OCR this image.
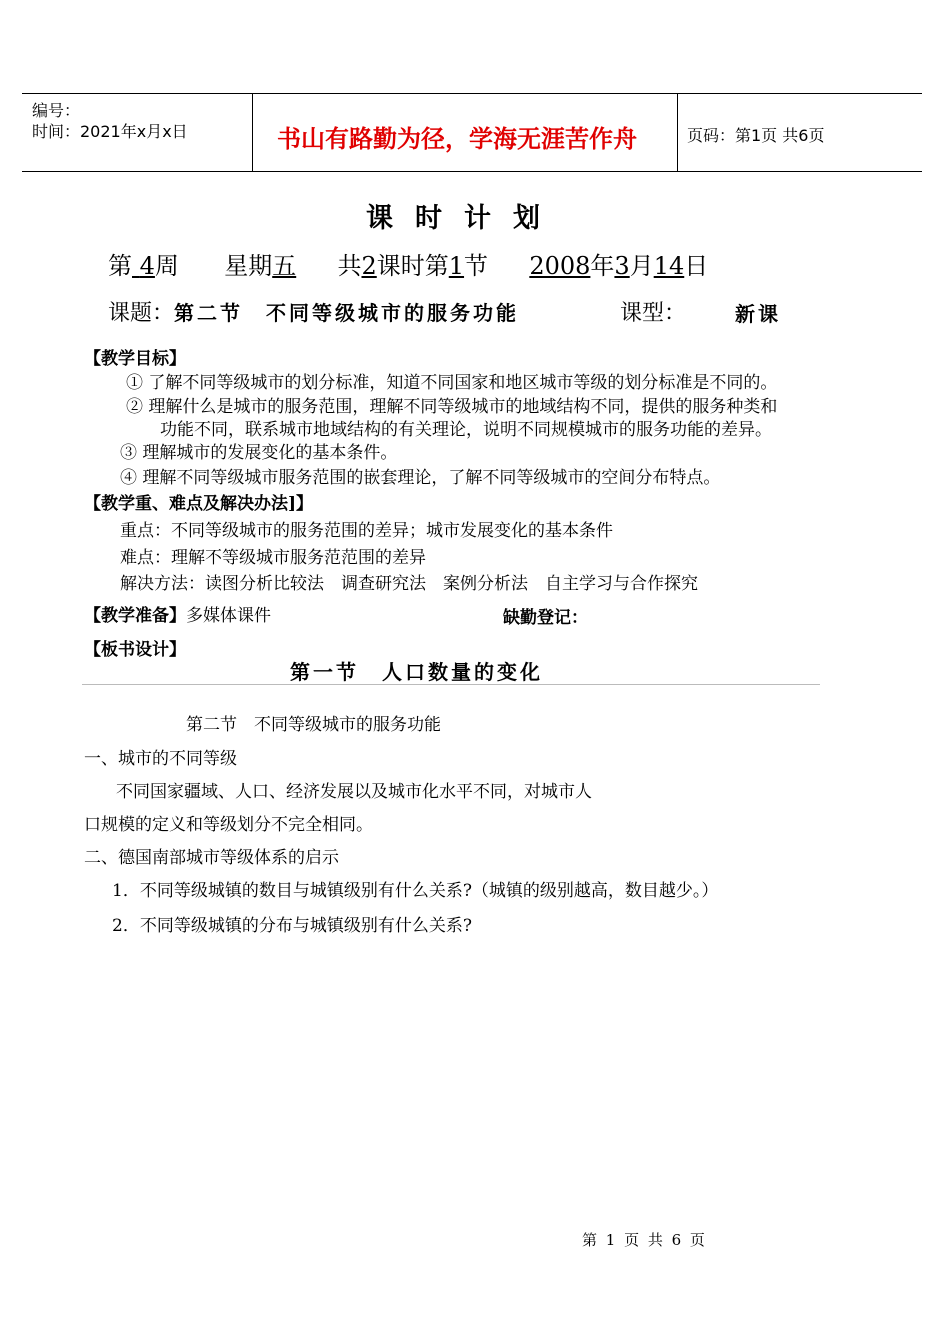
编号：
时间：2021年x月x日	书山有路勤为径，学海无涯苦作舟	页码：第1页 共6页
课时计划
第 4周 星期五 共2课时第1节 2008年3月14日
课题：第二节　不同等级城市的服务功能	课型： 新课
【教学目标】
① 了解不同等级城市的划分标准，知道不同国家和地区城市等级的划分标准是不同的。
② 理解什么是城市的服务范围，理解不同等级城市的地域结构不同，提供的服务种类和
功能不同，联系城市地域结构的有关理论，说明不同规模城市的服务功能的差异。
③ 理解城市的发展变化的基本条件。
④ 理解不同等级城市服务范围的嵌套理论，了解不同等级城市的空间分布特点。
【教学重、难点及解决办法]】
重点：不同等级城市的服务范围的差异；城市发展变化的基本条件
难点：理解不等级城市服务范范围的差异
解决方法：读图分析比较法　调查研究法　案例分析法　自主学习与合作探究
【教学准备】多媒体课件	缺勤登记：
【板书设计】
第一节　人口数量的变化
第二节　不同等级城市的服务功能
一、城市的不同等级
不同国家疆域、人口、经济发展以及城市化水平不同，对城市人
口规模的定义和等级划分不完全相同。
二、德国南部城市等级体系的启示
1．不同等级城镇的数目与城镇级别有什么关系?（城镇的级别越高，数目越少。）
2．不同等级城镇的分布与城镇级别有什么关系?
第 1 页 共 6 页
